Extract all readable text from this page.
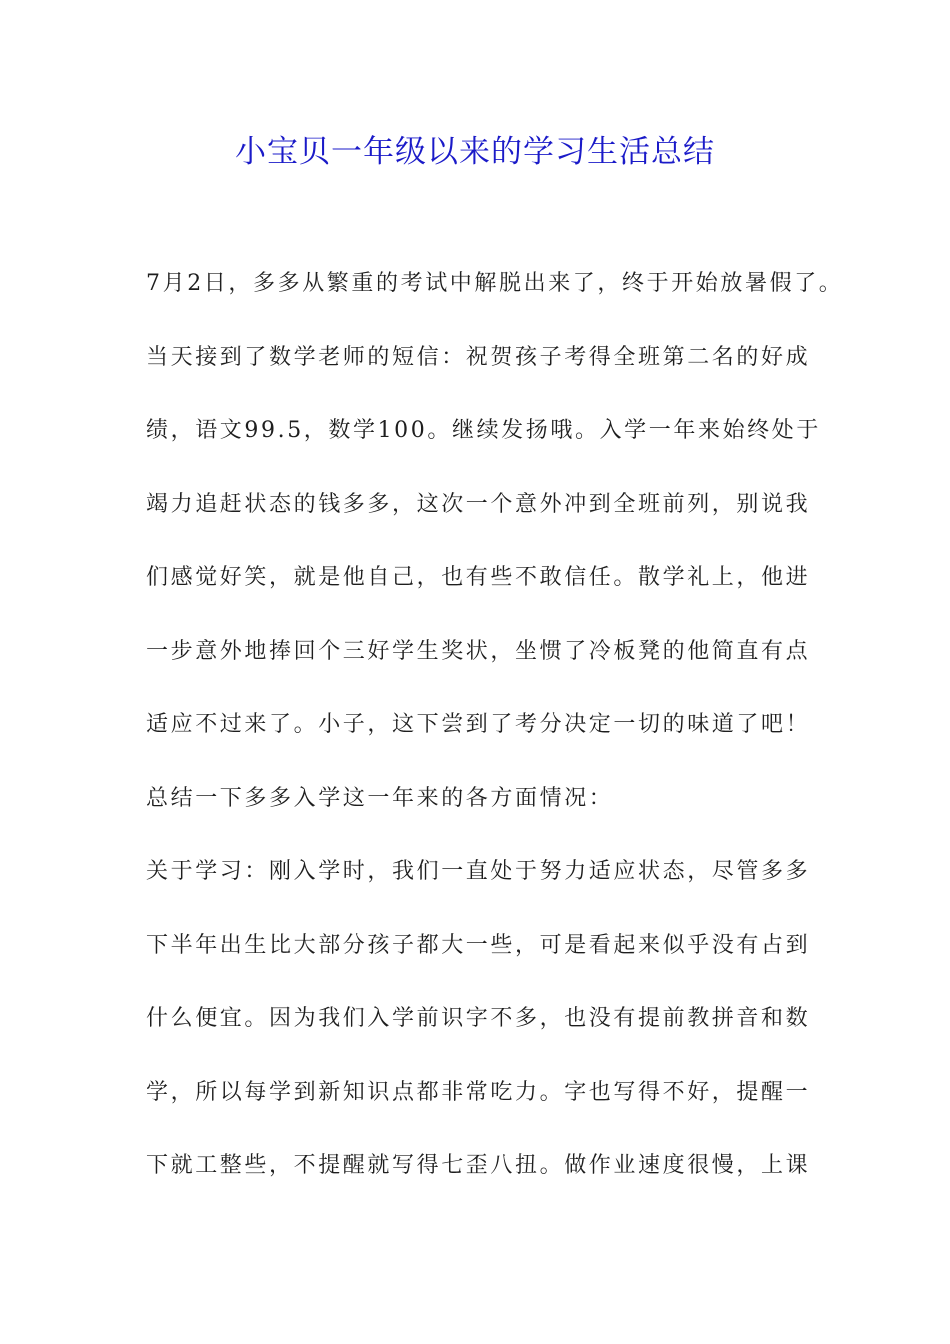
小宝贝一年级以来的学习生活总结
7月2日，多多从繁重的考试中解脱出来了，终于开始放暑假了。
当天接到了数学老师的短信：祝贺孩子考得全班第二名的好成
绩，语文99.5，数学100。继续发扬哦。入学一年来始终处于
竭力追赶状态的钱多多，这次一个意外冲到全班前列，别说我
们感觉好笑，就是他自己，也有些不敢信任。散学礼上，他进
一步意外地捧回个三好学生奖状，坐惯了冷板凳的他简直有点
适应不过来了。小子，这下尝到了考分决定一切的味道了吧！
总结一下多多入学这一年来的各方面情况：
关于学习：刚入学时，我们一直处于努力适应状态，尽管多多
下半年出生比大部分孩子都大一些，可是看起来似乎没有占到
什么便宜。因为我们入学前识字不多，也没有提前教拼音和数
学，所以每学到新知识点都非常吃力。字也写得不好，提醒一
下就工整些，不提醒就写得七歪八扭。做作业速度很慢，上课
